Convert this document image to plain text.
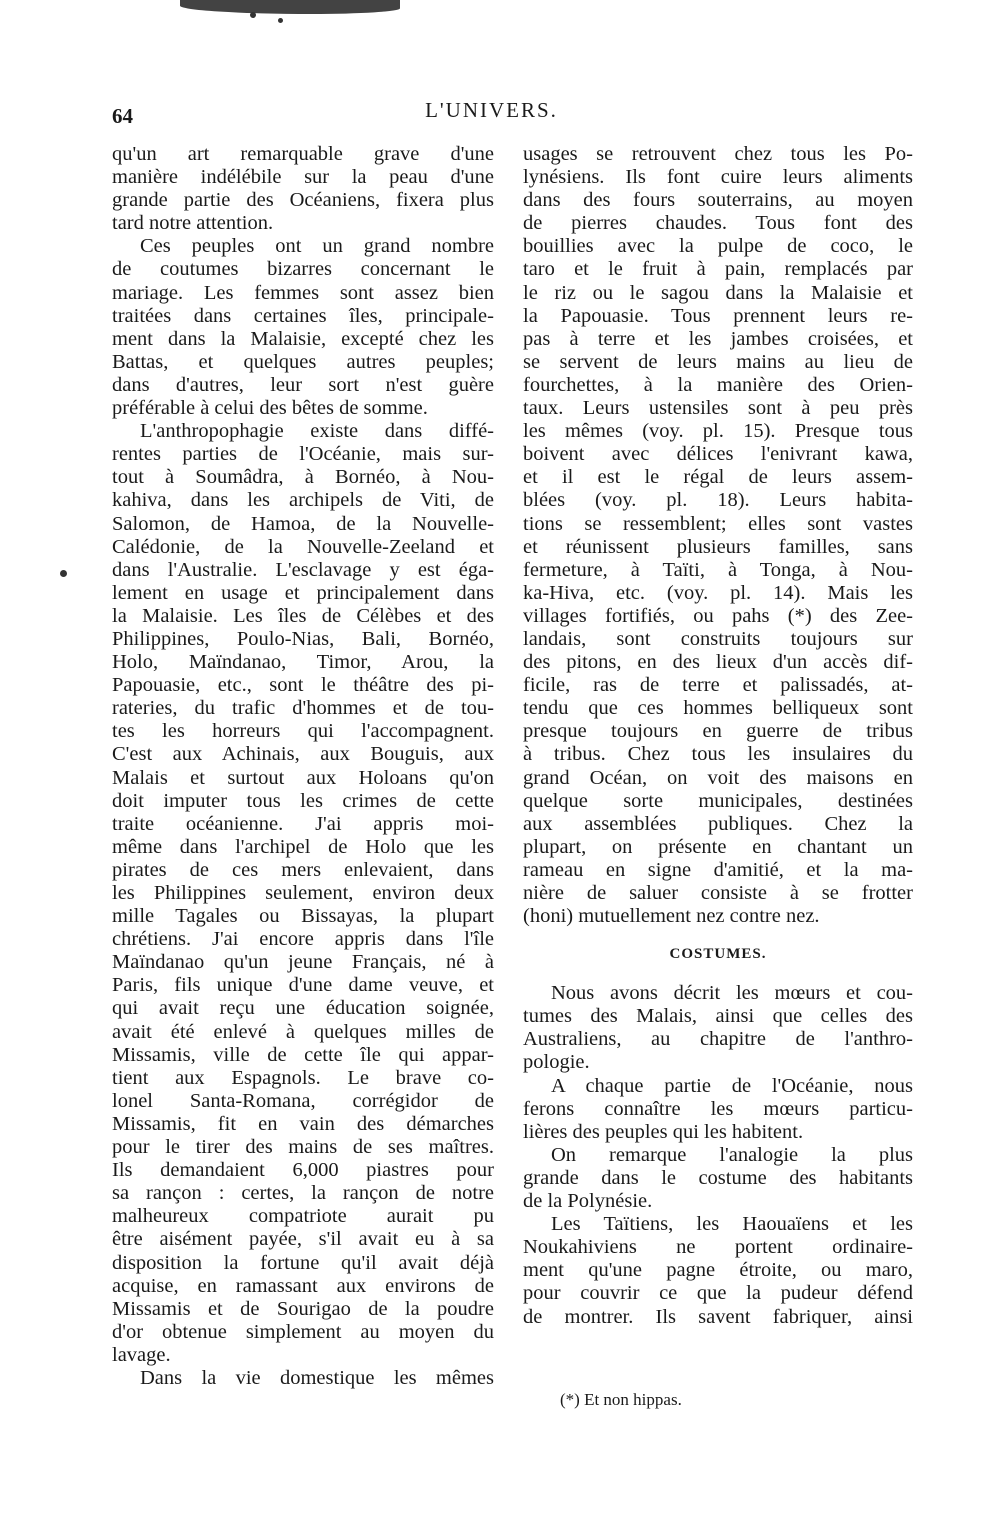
64	L'UNIVERS.
qu'un art remarquable grave d'une
manière indélébile sur la peau d'une
grande partie des Océaniens, fixera plus
tard notre attention.
Ces peuples ont un grand nombre
de coutumes bizarres concernant le
mariage. Les femmes sont assez bien
traitées dans certaines îles, principale-
ment dans la Malaisie, excepté chez les
Battas, et quelques autres peuples;
dans d'autres, leur sort n'est guère
préférable à celui des bêtes de somme.
L'anthropophagie existe dans diffé-
rentes parties de l'Océanie, mais sur-
tout à Soumâdra, à Bornéo, à Nou-
kahiva, dans les archipels de Viti, de
Salomon, de Hamoa, de la Nouvelle-
Calédonie, de la Nouvelle-Zeeland et
dans l'Australie. L'esclavage y est éga-
lement en usage et principalement dans
la Malaisie. Les îles de Célèbes et des
Philippines, Poulo-Nias, Bali, Bornéo,
Holo, Maïndanao, Timor, Arou, la
Papouasie, etc., sont le théâtre des pi-
rateries, du trafic d'hommes et de tou-
tes les horreurs qui l'accompagnent.
C'est aux Achinais, aux Bouguis, aux
Malais et surtout aux Holoans qu'on
doit imputer tous les crimes de cette
traite océanienne. J'ai appris moi-
même dans l'archipel de Holo que les
pirates de ces mers enlevaient, dans
les Philippines seulement, environ deux
mille Tagales ou Bissayas, la plupart
chrétiens. J'ai encore appris dans l'île
Maïndanao qu'un jeune Français, né à
Paris, fils unique d'une dame veuve, et
qui avait reçu une éducation soignée,
avait été enlevé à quelques milles de
Missamis, ville de cette île qui appar-
tient aux Espagnols. Le brave co-
lonel Santa-Romana, corrégidor de
Missamis, fit en vain des démarches
pour le tirer des mains de ses maîtres.
Ils demandaient 6,000 piastres pour
sa rançon : certes, la rançon de notre
malheureux compatriote aurait pu
être aisément payée, s'il avait eu à sa
disposition la fortune qu'il avait déjà
acquise, en ramassant aux environs de
Missamis et de Sourigao de la poudre
d'or obtenue simplement au moyen du
lavage.
Dans la vie domestique les mêmes
usages se retrouvent chez tous les Po-
lynésiens. Ils font cuire leurs aliments
dans des fours souterrains, au moyen
de pierres chaudes. Tous font des
bouillies avec la pulpe de coco, le
taro et le fruit à pain, remplacés par
le riz ou le sagou dans la Malaisie et
la Papouasie. Tous prennent leurs re-
pas à terre et les jambes croisées, et
se servent de leurs mains au lieu de
fourchettes, à la manière des Orien-
taux. Leurs ustensiles sont à peu près
les mêmes (voy. pl. 15). Presque tous
boivent avec délices l'enivrant kawa,
et il est le régal de leurs assem-
blées (voy. pl. 18). Leurs habita-
tions se ressemblent; elles sont vastes
et réunissent plusieurs familles, sans
fermeture, à Taïti, à Tonga, à Nou-
ka-Hiva, etc. (voy. pl. 14). Mais les
villages fortifiés, ou pahs (*) des Zee-
landais, sont construits toujours sur
des pitons, en des lieux d'un accès dif-
ficile, ras de terre et palissadés, at-
tendu que ces hommes belliqueux sont
presque toujours en guerre de tribus
à tribus. Chez tous les insulaires du
grand Océan, on voit des maisons en
quelque sorte municipales, destinées
aux assemblées publiques. Chez la
plupart, on présente en chantant un
rameau en signe d'amitié, et la ma-
nière de saluer consiste à se frotter
(honi) mutuellement nez contre nez.
COSTUMES.
Nous avons décrit les mœurs et cou-
tumes des Malais, ainsi que celles des
Australiens, au chapitre de l'anthro-
pologie.
A chaque partie de l'Océanie, nous
ferons connaître les mœurs particu-
lières des peuples qui les habitent.
On remarque l'analogie la plus
grande dans le costume des habitants
de la Polynésie.
Les Taïtiens, les Haouaïens et les
Noukahiviens ne portent ordinaire-
ment qu'une pagne étroite, ou maro,
pour couvrir ce que la pudeur défend
de montrer. Ils savent fabriquer, ainsi
(*) Et non hippas.
